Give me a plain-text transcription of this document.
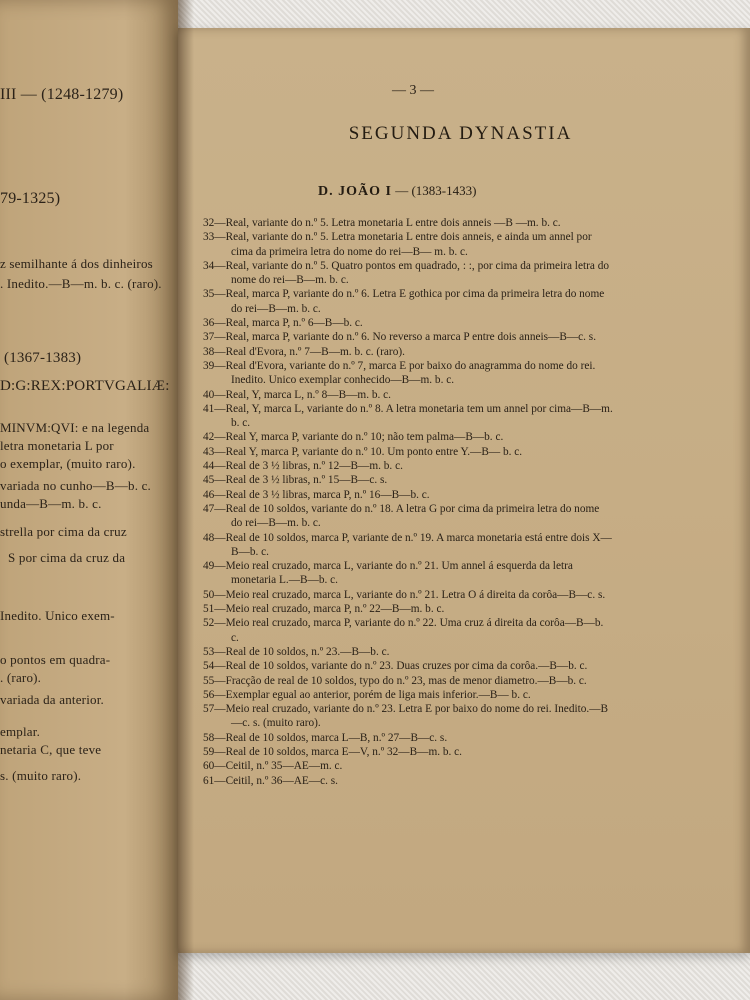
III — (1248-1279)
79-1325)
z semilhante á dos dinheiros
. Inedito.—B—m. b. c. (raro).
(1367-1383)
D:G:REX:PORTVGALIÆ:
MINVM:QVI: e na legenda
letra monetaria L por
o exemplar, (muito raro).
variada no cunho—B—b. c.
unda—B—m. b. c.
strella por cima da cruz
S por cima da cruz da
Inedito. Unico exem-
o pontos em quadra-
. (raro).
variada da anterior.
emplar.
netaria C, que teve
s. (muito raro).
— 3 —
SEGUNDA DYNASTIA
D. JOÃO I — (1383-1433)

32—Real, variante do n.º 5. Letra monetaria L entre dois anneis —B —m. b. c.

33—Real, variante do n.º 5. Letra monetaria L entre dois anneis, e ainda um annel por cima da primeira letra do nome do rei—B— m. b. c.

34—Real, variante do n.º 5. Quatro pontos em quadrado, : :, por cima da primeira letra do nome do rei—B—m. b. c.

35—Real, marca P, variante do n.º 6. Letra E gothica por cima da primeira letra do nome do rei—B—m. b. c.

36—Real, marca P, n.º 6—B—b. c.

37—Real, marca P, variante do n.º 6. No reverso a marca P entre dois anneis—B—c. s.

38—Real d'Evora, n.º 7—B—m. b. c. (raro).

39—Real d'Evora, variante do n.º 7, marca E por baixo do anagramma do nome do rei. Inedito. Unico exemplar conhecido—B—m. b. c.

40—Real, Y, marca L, n.º 8—B—m. b. c.

41—Real, Y, marca L, variante do n.º 8. A letra monetaria tem um annel por cima—B—m. b. c.

42—Real Y, marca P, variante do n.º 10; não tem palma—B—b. c.

43—Real Y, marca P, variante do n.º 10. Um ponto entre Y.—B— b. c.

44—Real de 3 ½ libras, n.º 12—B—m. b. c.

45—Real de 3 ½ libras, n.º 15—B—c. s.

46—Real de 3 ½ libras, marca P, n.º 16—B—b. c.

47—Real de 10 soldos, variante do n.º 18. A letra G por cima da primeira letra do nome do rei—B—m. b. c.

48—Real de 10 soldos, marca P, variante de n.º 19. A marca monetaria está entre dois X—B—b. c.

49—Meio real cruzado, marca L, variante do n.º 21. Um annel á esquerda da letra monetaria L.—B—b. c.

50—Meio real cruzado, marca L, variante do n.º 21. Letra O á direita da corôa—B—c. s.

51—Meio real cruzado, marca P, n.º 22—B—m. b. c.

52—Meio real cruzado, marca P, variante do n.º 22. Uma cruz á direita da corôa—B—b. c.

53—Real de 10 soldos, n.º 23.—B—b. c.

54—Real de 10 soldos, variante do n.º 23. Duas cruzes por cima da corôa.—B—b. c.

55—Fracção de real de 10 soldos, typo do n.º 23, mas de menor diametro.—B—b. c.

56—Exemplar egual ao anterior, porém de liga mais inferior.—B— b. c.

57—Meio real cruzado, variante do n.º 23. Letra E por baixo do nome do rei. Inedito.—B—c. s. (muito raro).

58—Real de 10 soldos, marca L—B, n.º 27—B—c. s.

59—Real de 10 soldos, marca E—V, n.º 32—B—m. b. c.

60—Ceitil, n.º 35—AE—m. c.

61—Ceitil, n.º 36—AE—c. s.
